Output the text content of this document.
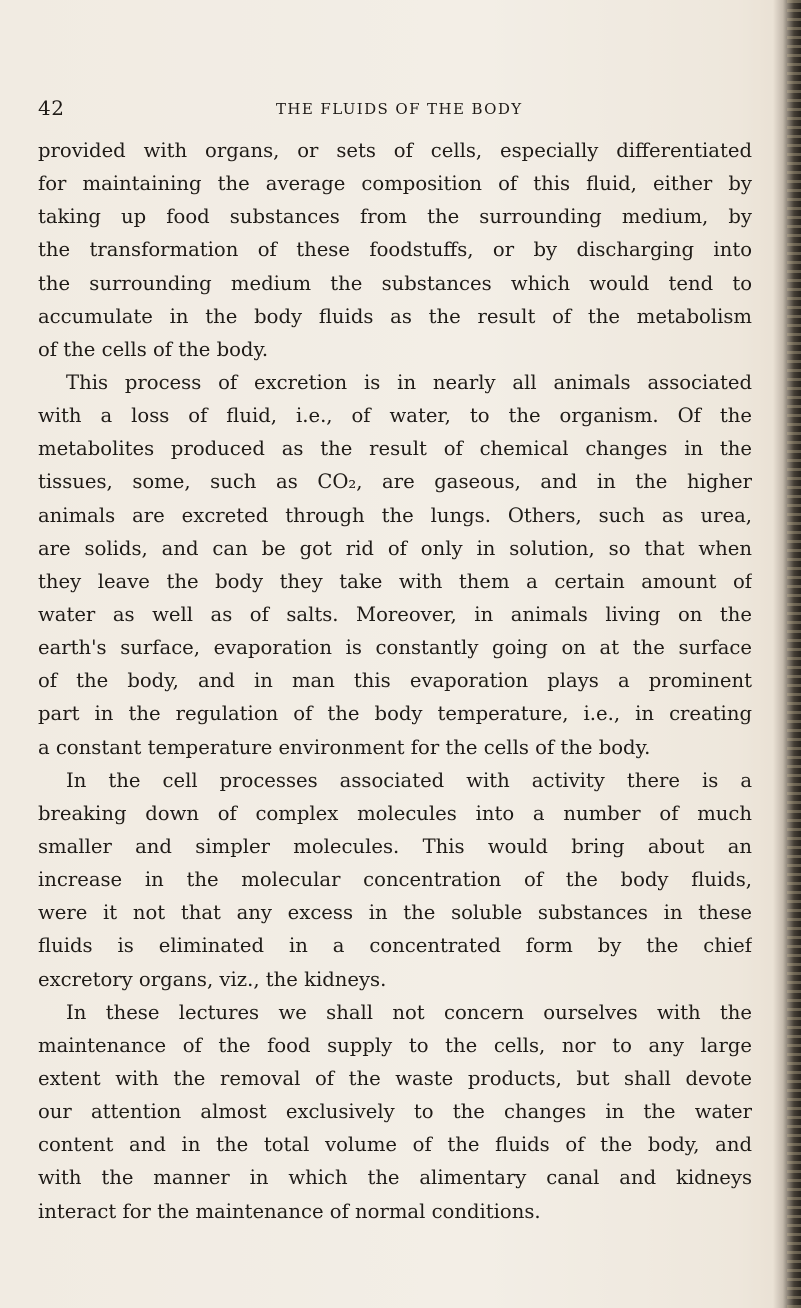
42	THE FLUIDS OF THE BODY
provided with organs, or sets of cells, especially differentiated
for maintaining the average composition of this fluid, either by
taking up food substances from the surrounding medium, by
the transformation of these foodstuffs, or by discharging into
the surrounding medium the substances which would tend to
accumulate in the body fluids as the result of the metabolism
of the cells of the body.
This process of excretion is in nearly all animals associated
with a loss of fluid, i.e., of water, to the organism. Of the
metabolites produced as the result of chemical changes in the
tissues, some, such as CO₂, are gaseous, and in the higher
animals are excreted through the lungs. Others, such as urea,
are solids, and can be got rid of only in solution, so that when
they leave the body they take with them a certain amount of
water as well as of salts. Moreover, in animals living on the
earth's surface, evaporation is constantly going on at the surface
of the body, and in man this evaporation plays a prominent
part in the regulation of the body temperature, i.e., in creating
a constant temperature environment for the cells of the body.
In the cell processes associated with activity there is a
breaking down of complex molecules into a number of much
smaller and simpler molecules. This would bring about an
increase in the molecular concentration of the body fluids,
were it not that any excess in the soluble substances in these
fluids is eliminated in a concentrated form by the chief
excretory organs, viz., the kidneys.
In these lectures we shall not concern ourselves with the
maintenance of the food supply to the cells, nor to any large
extent with the removal of the waste products, but shall devote
our attention almost exclusively to the changes in the water
content and in the total volume of the fluids of the body, and
with the manner in which the alimentary canal and kidneys
interact for the maintenance of normal conditions.
